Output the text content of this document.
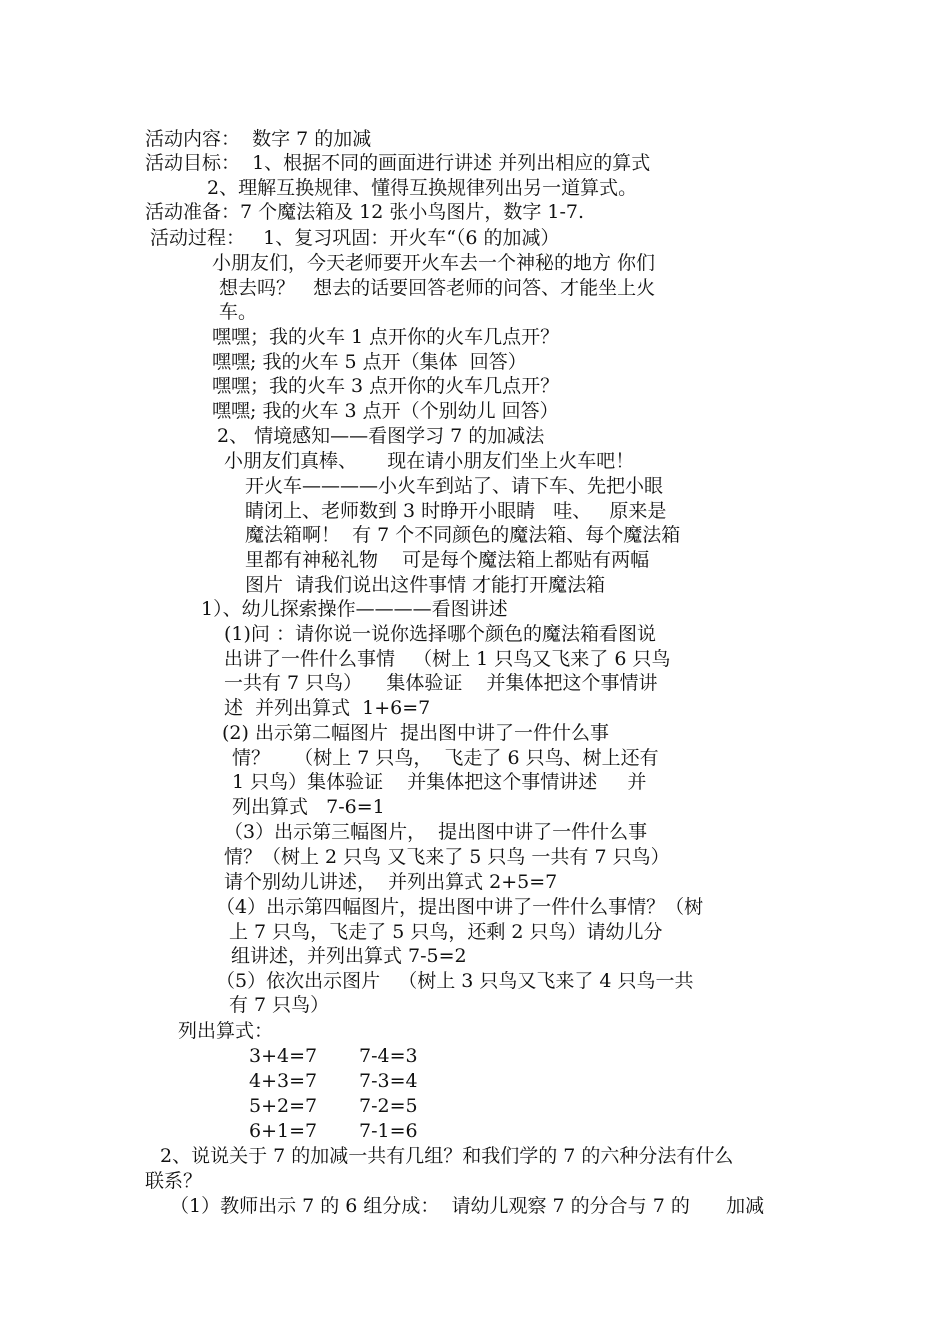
活动内容：  数字 7 的加减

活动目标：  1、根据不同的画面进行讲述 并列出相应的算式

2、理解互换规律、懂得互换规律列出另一道算式。

活动准备：7 个魔法箱及 12 张小鸟图片，数字 1-7.

活动过程：   1、复习巩固：开火车“（6 的加减）

小朋友们，今天老师要开火车去一个神秘的地方 你们

想去吗？   想去的话要回答老师的问答、才能坐上火

车。

嘿嘿；我的火车 1 点开你的火车几点开？

嘿嘿; 我的火车 5 点开（集体  回答）

嘿嘿；我的火车 3 点开你的火车几点开？

嘿嘿; 我的火车 3 点开（个别幼儿 回答）

2、 情境感知——看图学习 7 的加减法

小朋友们真棒、     现在请小朋友们坐上火车吧！

开火车————小火车到站了、请下车、先把小眼

睛闭上、老师数到 3 时睁开小眼睛   哇、   原来是

魔法箱啊！  有 7 个不同颜色的魔法箱、每个魔法箱

里都有神秘礼物    可是每个魔法箱上都贴有两幅

图片  请我们说出这件事情 才能打开魔法箱

1）、幼儿探索操作————看图讲述

(1)问 ：请你说一说你选择哪个颜色的魔法箱看图说

出讲了一件什么事情   （树上 1 只鸟又飞来了 6 只鸟

一共有 7 只鸟）    集体验证    并集体把这个事情讲

述  并列出算式  1+6=7

(2) 出示第二幅图片  提出图中讲了一件什么事

情？    （树上 7 只鸟，  飞走了 6 只鸟、树上还有

1 只鸟）集体验证    并集体把这个事情讲述     并

列出算式   7-6=1

（3）出示第三幅图片，  提出图中讲了一件什么事

情？（树上 2 只鸟 又飞来了 5 只鸟 一共有 7 只鸟）

请个别幼儿讲述，  并列出算式 2+5=7

（4）出示第四幅图片，提出图中讲了一件什么事情？（树

上 7 只鸟，飞走了 5 只鸟，还剩 2 只鸟）请幼儿分

组讲述，并列出算式 7-5=2

（5）依次出示图片   （树上 3 只鸟又飞来了 4 只鸟一共

有 7 只鸟）

列出算式：

2、说说关于 7 的加减一共有几组？和我们学的 7 的六种分法有什么

联系？

（1）教师出示 7 的 6 组分成：  请幼儿观察 7 的分合与 7 的      加减

3+4=7 7-4=3
4+3=7 7-3=4
5+2=7 7-2=5
6+1=7 7-1=6
